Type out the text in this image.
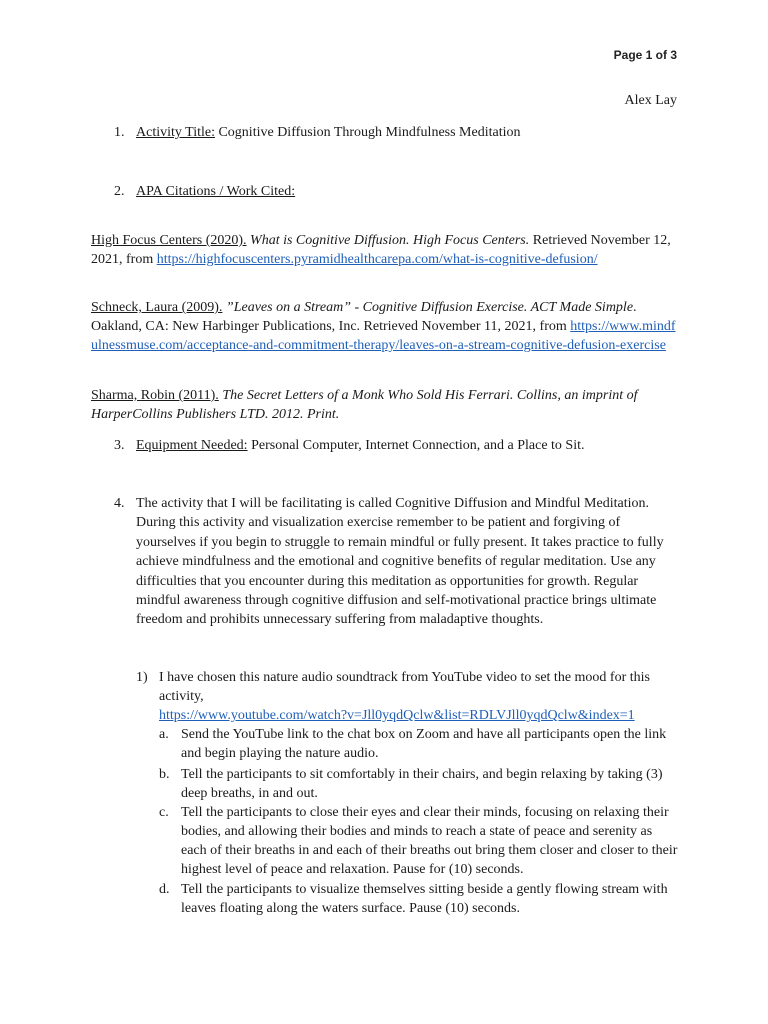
Page 1 of 3
Alex Lay
1. Activity Title: Cognitive Diffusion Through Mindfulness Meditation
2. APA Citations / Work Cited:
High Focus Centers (2020). What is Cognitive Diffusion. High Focus Centers. Retrieved November 12, 2021, from https://highfocuscenters.pyramidhealthcarepa.com/what-is-cognitive-defusion/
Schneck, Laura (2009). ”Leaves on a Stream” - Cognitive Diffusion Exercise. ACT Made Simple. Oakland, CA: New Harbinger Publications, Inc. Retrieved November 11, 2021, from https://www.mindfulnessmuse.com/acceptance-and-commitment-therapy/leaves-on-a-stream-cognitive-defusion-exercise
Sharma, Robin (2011). The Secret Letters of a Monk Who Sold His Ferrari. Collins, an imprint of HarperCollins Publishers LTD. 2012. Print.
3. Equipment Needed: Personal Computer, Internet Connection, and a Place to Sit.
4. The activity that I will be facilitating is called Cognitive Diffusion and Mindful Meditation. During this activity and visualization exercise remember to be patient and forgiving of yourselves if you begin to struggle to remain mindful or fully present. It takes practice to fully achieve mindfulness and the emotional and cognitive benefits of regular meditation. Use any difficulties that you encounter during this meditation as opportunities for growth. Regular mindful awareness through cognitive diffusion and self-motivational practice brings ultimate freedom and prohibits unnecessary suffering from maladaptive thoughts.
1) I have chosen this nature audio soundtrack from YouTube video to set the mood for this activity,
https://www.youtube.com/watch?v=Jll0yqdQclw&list=RDLVJll0yqdQclw&index=1
a. Send the YouTube link to the chat box on Zoom and have all participants open the link and begin playing the nature audio.
b. Tell the participants to sit comfortably in their chairs, and begin relaxing by taking (3) deep breaths, in and out.
c. Tell the participants to close their eyes and clear their minds, focusing on relaxing their bodies, and allowing their bodies and minds to reach a state of peace and serenity as each of their breaths in and each of their breaths out bring them closer and closer to their highest level of peace and relaxation. Pause for (10) seconds.
d. Tell the participants to visualize themselves sitting beside a gently flowing stream with leaves floating along the waters surface. Pause (10) seconds.
